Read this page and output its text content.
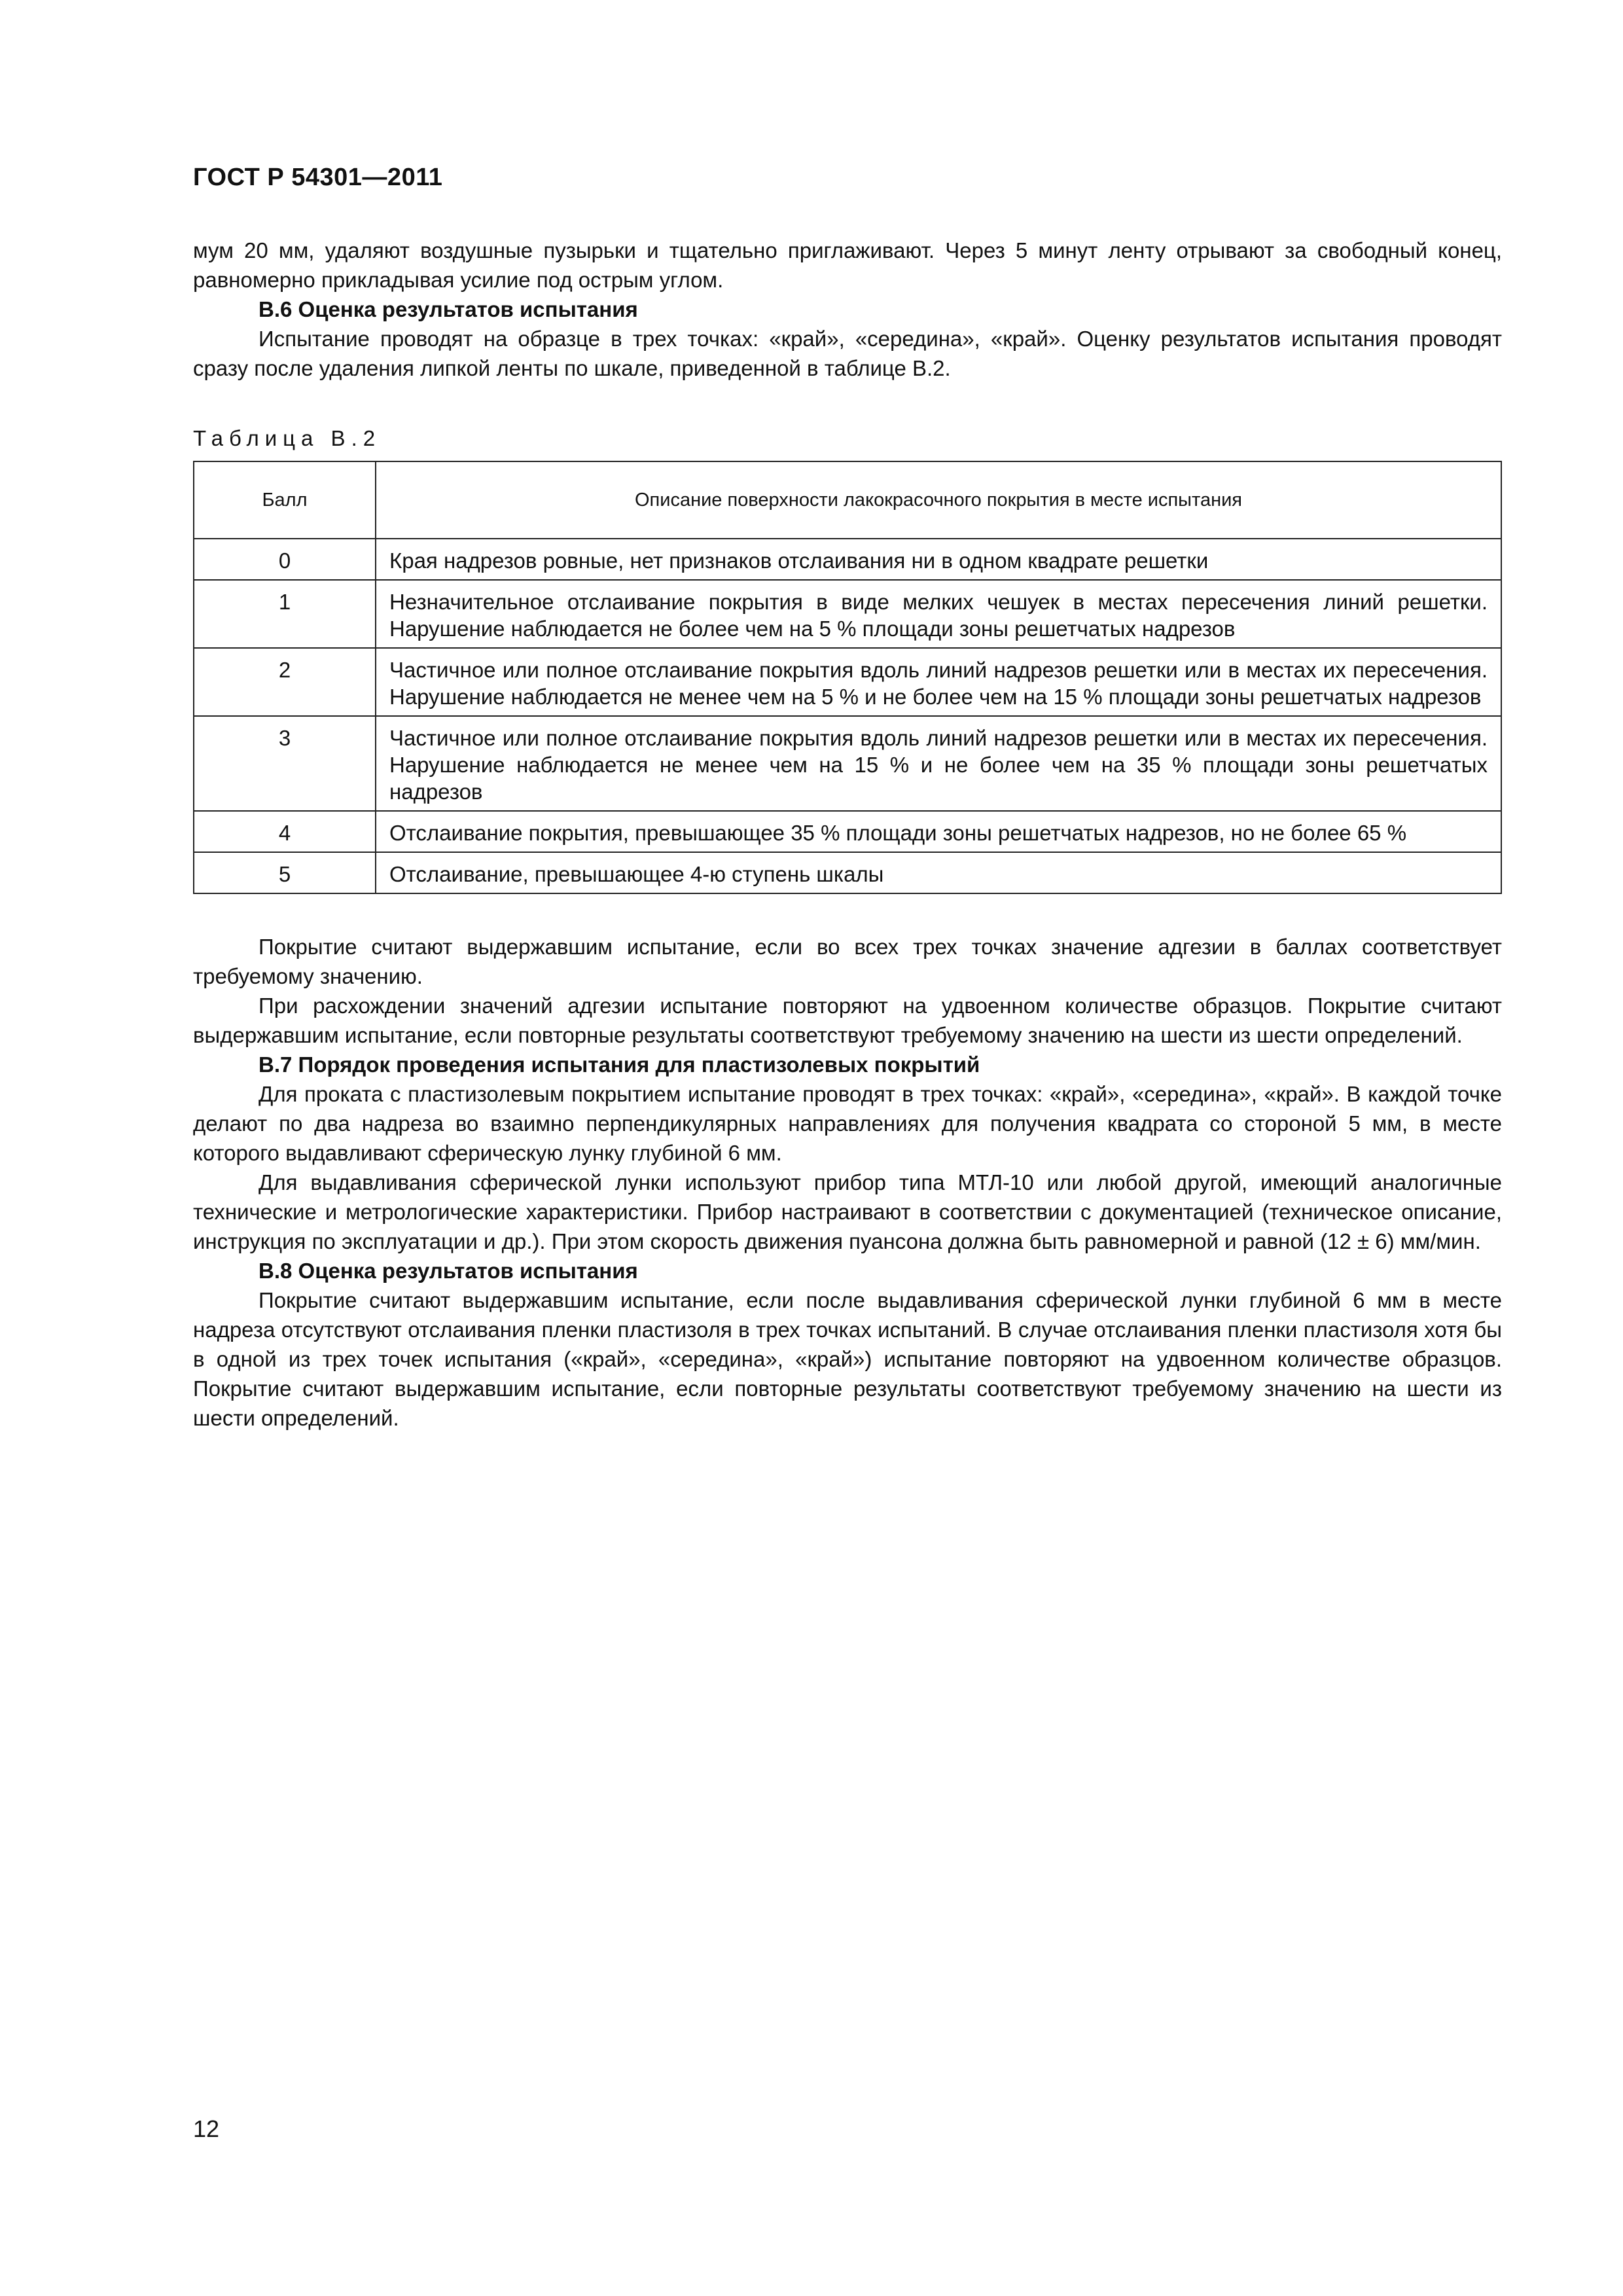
ГОСТ Р 54301—2011

мум 20 мм, удаляют воздушные пузырьки и тщательно приглаживают. Через 5 минут ленту отрывают за свободный конец, равномерно прикладывая усилие под острым углом.

В.6 Оценка результатов испытания

Испытание проводят на образце в трех точках: «край», «середина», «край». Оценку результатов испытания проводят сразу после удаления липкой ленты по шкале, приведенной в таблице В.2.

Таблица В.2
Балл	Описание поверхности лакокрасочного покрытия в месте испытания
0	Края надрезов ровные, нет признаков отслаивания ни в одном квадрате решетки
1	Незначительное отслаивание покрытия в виде мелких чешуек в местах пересечения линий решетки. Нарушение наблюдается не более чем на 5 % площади зоны решетчатых надрезов
2	Частичное или полное отслаивание покрытия вдоль линий надрезов решетки или в местах их пересечения. Нарушение наблюдается не менее чем на 5 % и не более чем на 15 % площади зоны решетчатых надрезов
3	Частичное или полное отслаивание покрытия вдоль линий надрезов решетки или в местах их пересечения. Нарушение наблюдается не менее чем на 15 % и не более чем на 35 % площади зоны решетчатых надрезов
4	Отслаивание покрытия, превышающее 35 % площади зоны решетчатых надрезов, но не более 65 %
5	Отслаивание, превышающее 4-ю ступень шкалы

Покрытие считают выдержавшим испытание, если во всех трех точках значение адгезии в баллах соответствует требуемому значению.

При расхождении значений адгезии испытание повторяют на удвоенном количестве образцов. Покрытие считают выдержавшим испытание, если повторные результаты соответствуют требуемому значению на шести из шести определений.

В.7 Порядок проведения испытания для пластизолевых покрытий

Для проката с пластизолевым покрытием испытание проводят в трех точках: «край», «середина», «край». В каждой точке делают по два надреза во взаимно перпендикулярных направлениях для получения квадрата со стороной 5 мм, в месте которого выдавливают сферическую лунку глубиной 6 мм.

Для выдавливания сферической лунки используют прибор типа МТЛ-10 или любой другой, имеющий аналогичные технические и метрологические характеристики. Прибор настраивают в соответствии с документацией (техническое описание, инструкция по эксплуатации и др.). При этом скорость движения пуансона должна быть равномерной и равной (12 ± 6) мм/мин.

В.8 Оценка результатов испытания

Покрытие считают выдержавшим испытание, если после выдавливания сферической лунки глубиной 6 мм в месте надреза отсутствуют отслаивания пленки пластизоля в трех точках испытаний. В случае отслаивания пленки пластизоля хотя бы в одной из трех точек испытания («край», «середина», «край») испытание повторяют на удвоенном количестве образцов. Покрытие считают выдержавшим испытание, если повторные результаты соответствуют требуемому значению на шести из шести определений.

12
